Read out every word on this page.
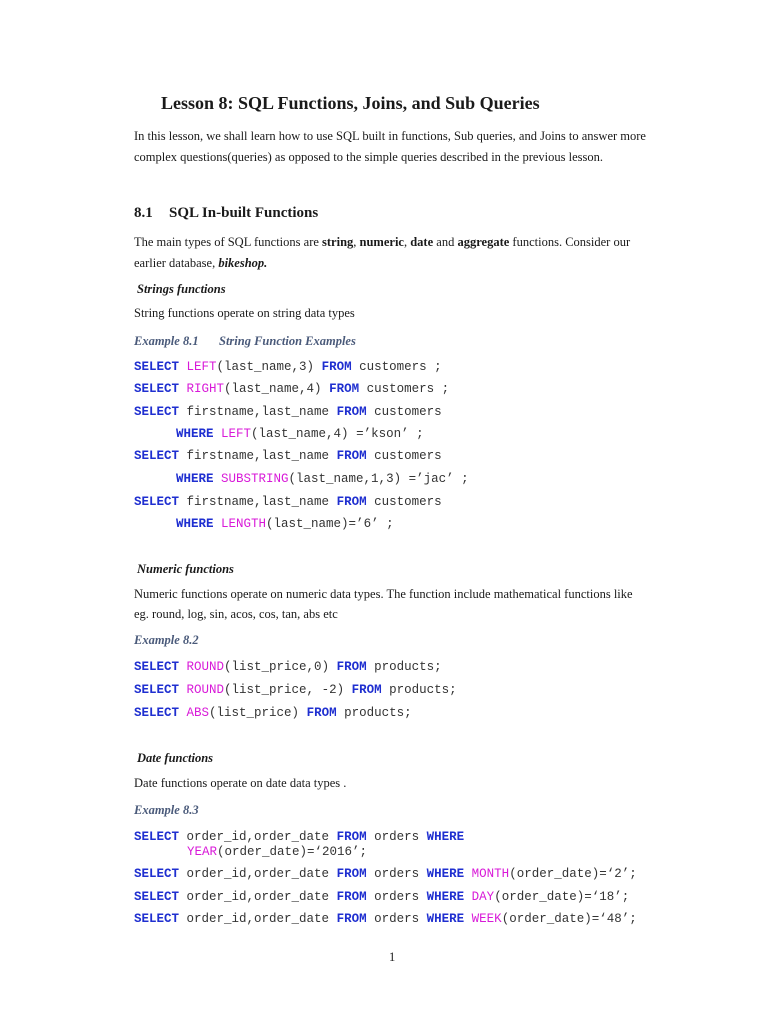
Lesson 8: SQL Functions, Joins, and Sub Queries
In this lesson, we shall learn how to use SQL built in functions, Sub queries, and Joins to answer more
complex questions(queries) as opposed to the simple queries described in the previous lesson.
8.1 SQL In-built Functions
The main types of SQL functions are string, numeric, date and aggregate functions. Consider our
earlier database, bikeshop.
Strings functions
String functions operate on string data types
Example 8.1 String Function Examples
SELECT LEFT(last_name,3) FROM customers ;
SELECT RIGHT(last_name,4) FROM customers ;
SELECT firstname,last_name FROM customers
WHERE LEFT(last_name,4) =’kson’ ;
SELECT firstname,last_name FROM customers
WHERE SUBSTRING(last_name,1,3) =’jac’ ;
SELECT firstname,last_name FROM customers
WHERE LENGTH(last_name)=’6’ ;
Numeric functions
Numeric functions operate on numeric data types. The function include mathematical functions like
eg. round, log, sin, acos, cos, tan, abs etc
Example 8.2
SELECT ROUND(list_price,0) FROM products;
SELECT ROUND(list_price, -2) FROM products;
SELECT ABS(list_price) FROM products;
Date functions
Date functions operate on date data types .
Example 8.3
SELECT order_id,order_date FROM orders WHERE
YEAR(order_date)=‘2016’;
SELECT order_id,order_date FROM orders WHERE MONTH(order_date)=‘2’;
SELECT order_id,order_date FROM orders WHERE DAY(order_date)=‘18’;
SELECT order_id,order_date FROM orders WHERE WEEK(order_date)=‘48’;
1
